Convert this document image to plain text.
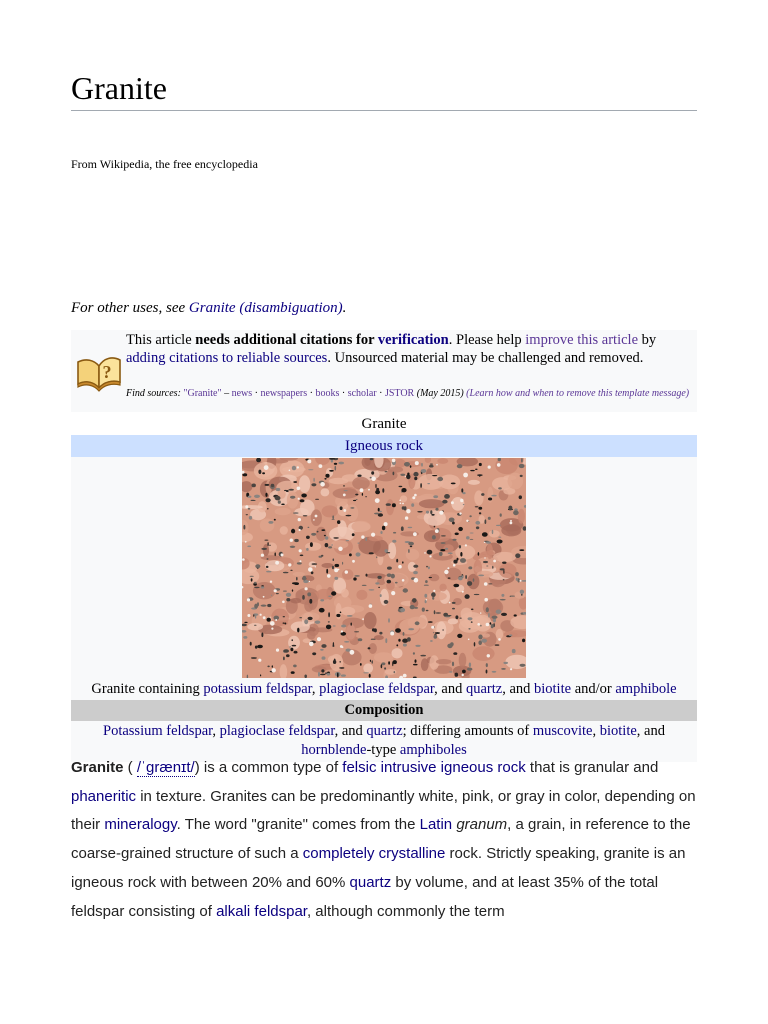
Granite
From Wikipedia, the free encyclopedia
For other uses, see Granite (disambiguation).
?
This article needs additional citations for verification. Please help improve this article by adding citations to reliable sources. Unsourced material may be challenged and removed.
Find sources: "Granite" – news · newspapers · books · scholar · JSTOR (May 2015) (Learn how and when to remove this template message)
Granite
Igneous rock
Granite containing potassium feldspar, plagioclase feldspar, and quartz, and biotite and/or amphibole
Composition
Potassium feldspar, plagioclase feldspar, and quartz; differing amounts of muscovite, biotite, and hornblende-type amphiboles
Granite ( /ˈɡrænɪt/) is a common type of felsic intrusive igneous rock that is granular and phaneritic in texture. Granites can be predominantly white, pink, or gray in color, depending on their mineralogy. The word "granite" comes from the Latin granum, a grain, in reference to the coarse-grained structure of such a completely crystalline rock. Strictly speaking, granite is an igneous rock with between 20% and 60% quartz by volume, and at least 35% of the total feldspar consisting of alkali feldspar, although commonly the term
